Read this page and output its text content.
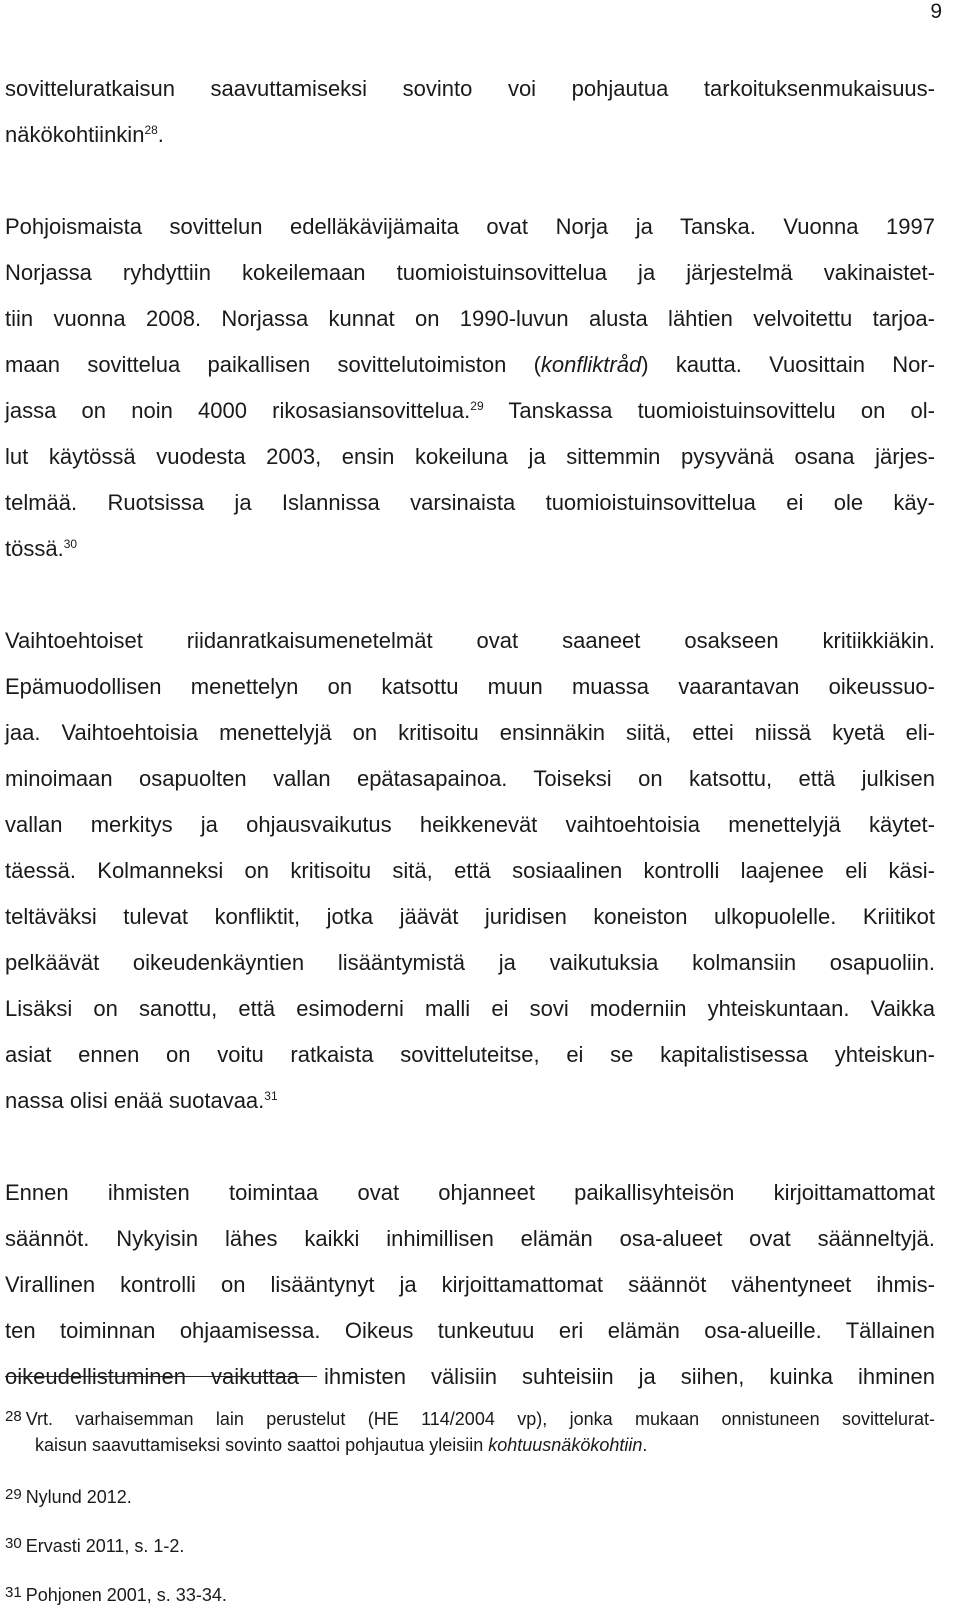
9
sovitteluratkaisun saavuttamiseksi sovinto voi pohjautua tarkoituksenmukaisuus-
näkökohtiinkin$^{28}$.
Pohjoismaista sovittelun edelläkävijämaita ovat Norja ja Tanska. Vuonna 1997
Norjassa ryhdyttiin kokeilemaan tuomioistuinsovittelua ja järjestelmä vakinaistet-
tiin vuonna 2008. Norjassa kunnat on 1990-luvun alusta lähtien velvoitettu tarjoa-
maan sovittelua paikallisen sovittelutoimiston (konfliktråd) kautta. Vuosittain Nor-
jassa on noin 4000 rikosasiansovittelua.$^{29}$ Tanskassa tuomioistuinsovittelu on ol-
lut käytössä vuodesta 2003, ensin kokeiluna ja sittemmin pysyvänä osana järjes-
telmää. Ruotsissa ja Islannissa varsinaista tuomioistuinsovittelua ei ole käy-
tössä.$^{30}$
Vaihtoehtoiset riidanratkaisumenetelmät ovat saaneet osakseen kritiikkiäkin.
Epämuodollisen menettelyn on katsottu muun muassa vaarantavan oikeussuo-
jaa. Vaihtoehtoisia menettelyjä on kritisoitu ensinnäkin siitä, ettei niissä kyetä eli-
minoimaan osapuolten vallan epätasapainoa. Toiseksi on katsottu, että julkisen
vallan merkitys ja ohjausvaikutus heikkenevät vaihtoehtoisia menettelyjä käytet-
täessä. Kolmanneksi on kritisoitu sitä, että sosiaalinen kontrolli laajenee eli käsi-
teltäväksi tulevat konfliktit, jotka jäävät juridisen koneiston ulkopuolelle. Kriitikot
pelkäävät oikeudenkäyntien lisääntymistä ja vaikutuksia kolmansiin osapuoliin.
Lisäksi on sanottu, että esimoderni malli ei sovi moderniin yhteiskuntaan. Vaikka
asiat ennen on voitu ratkaista sovitteluteitse, ei se kapitalistisessa yhteiskun-
nassa olisi enää suotavaa.$^{31}$
Ennen ihmisten toimintaa ovat ohjanneet paikallisyhteisön kirjoittamattomat
säännöt. Nykyisin lähes kaikki inhimillisen elämän osa-alueet ovat säänneltyjä.
Virallinen kontrolli on lisääntynyt ja kirjoittamattomat säännöt vähentyneet ihmis-
ten toiminnan ohjaamisessa. Oikeus tunkeutuu eri elämän osa-alueille. Tällainen
oikeudellistuminen vaikuttaa ihmisten välisiin suhteisiin ja siihen, kuinka ihminen
$^{28}$ Vrt. varhaisemman lain perustelut (HE 114/2004 vp), jonka mukaan onnistuneen sovittelurat-
kaisun saavuttamiseksi sovinto saattoi pohjautua yleisiin kohtuusnäkökohtiin.
$^{29}$ Nylund 2012.
$^{30}$ Ervasti 2011, s. 1-2.
$^{31}$ Pohjonen 2001, s. 33-34.
